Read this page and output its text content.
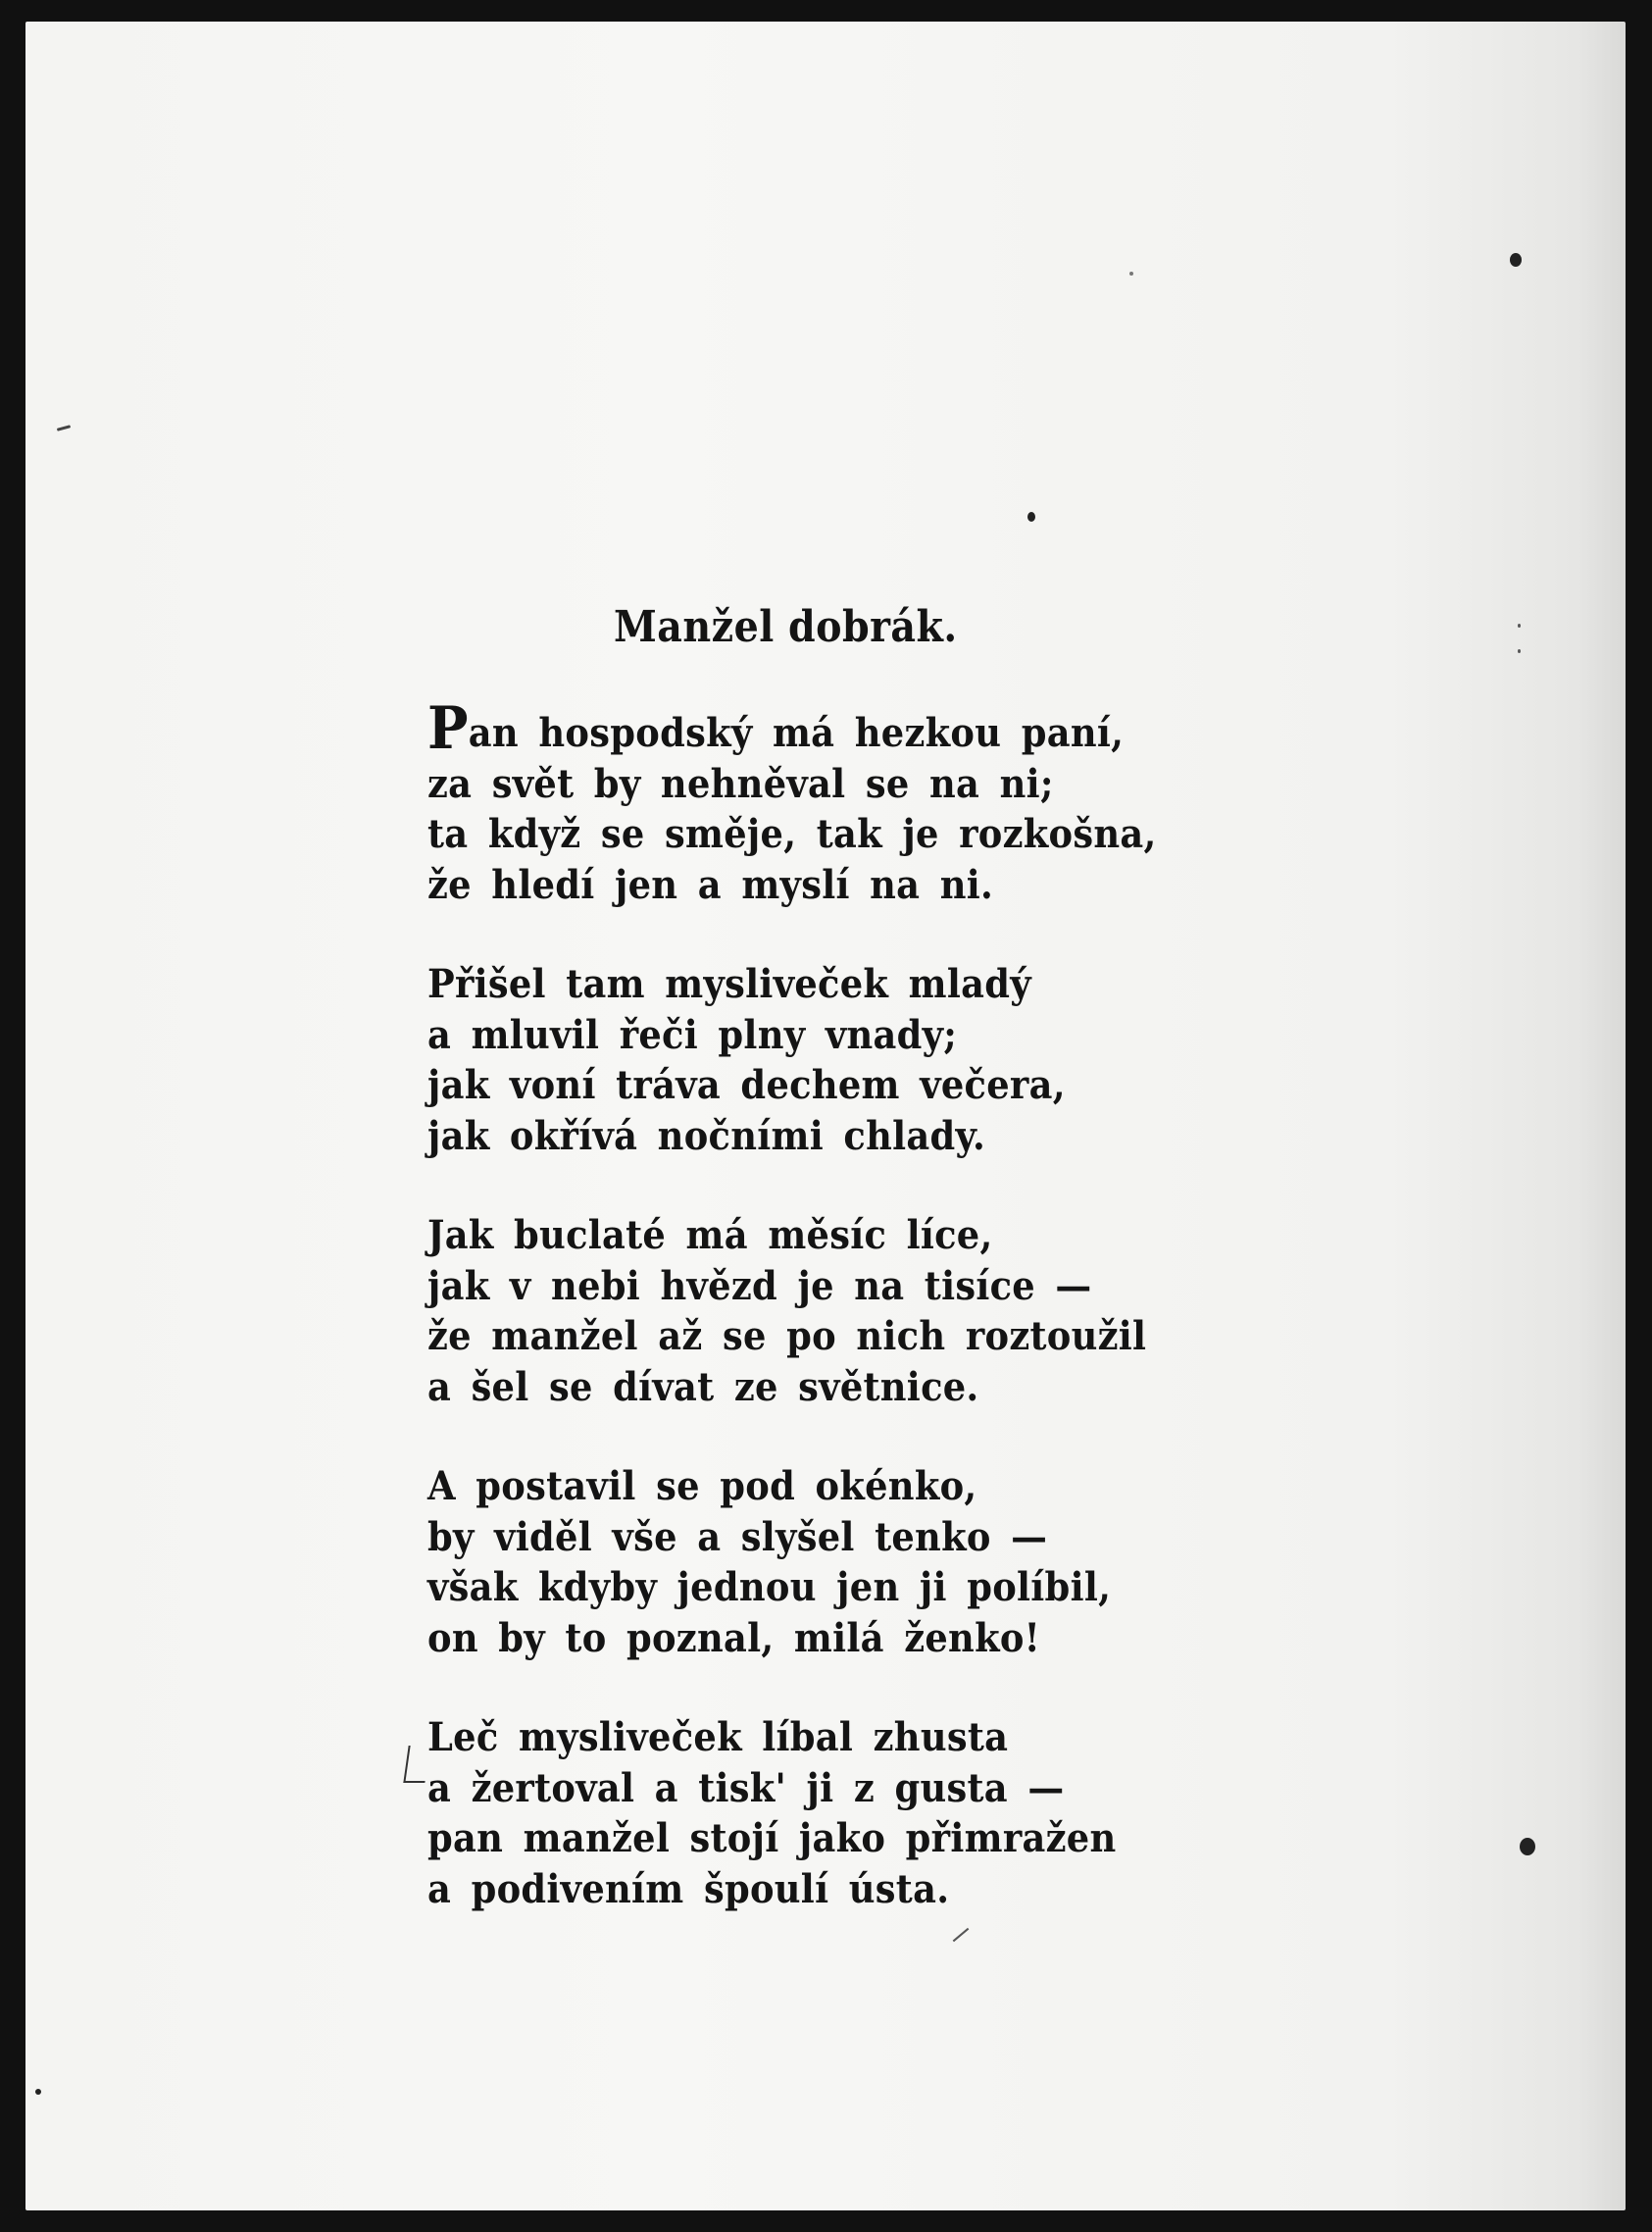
Manžel dobrák.
Pan hospodský má hezkou paní,
za svět by nehněval se na ni;
ta když se směje, tak je rozkošna,
že hledí jen a myslí na ni.
Přišel tam mysliveček mladý
a mluvil řeči plny vnady;
jak voní tráva dechem večera,
jak okřívá nočními chlady.
Jak buclaté má měsíc líce,
jak v nebi hvězd je na tisíce —
že manžel až se po nich roztoužil
a šel se dívat ze světnice.
A postavil se pod okénko,
by viděl vše a slyšel tenko —
však kdyby jednou jen ji políbil,
on by to poznal, milá ženko!
Leč mysliveček líbal zhusta
a žertoval a tisk' ji z gusta —
pan manžel stojí jako přimražen
a podivením špoulí ústa.
